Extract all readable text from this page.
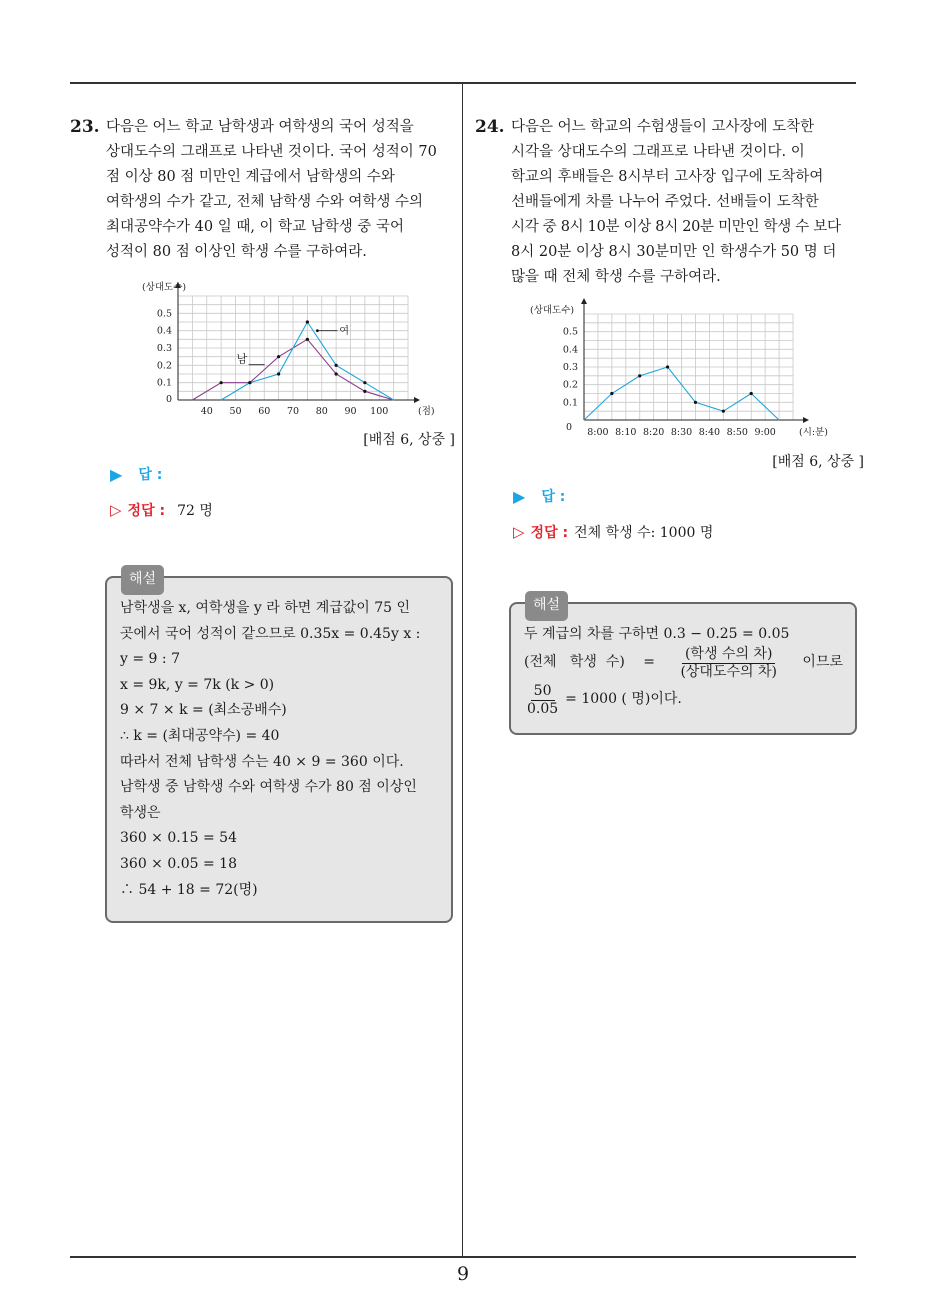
23. 다음은 어느 학교 남학생과 여학생의 국어 성적을
상대도수의 그래프로 나타낸 것이다. 국어 성적이 70
점 이상 80 점 미만인 계급에서 남학생의 수와
여학생의 수가 같고, 전체 남학생 수와 여학생 수의
최대공약수가 40 일 때, 이 학교 남학생 중 국어
성적이 80 점 이상인 학생 수를 구하여라.
(상대도수)
(점)
0
0.1
0.2
0.3
0.4
0.5
40 50 60 70 80 90 100
남
여
[배점 6, 상중 ]
▶ 답 :
▷ 정답 : 72 명
해설
남학생을 x, 여학생을 y 라 하면 계급값이 75 인
곳에서 국어 성적이 같으므로 0.35x = 0.45y x :
y = 9 : 7
x = 9k, y = 7k (k > 0)
9 × 7 × k = (최소공배수)
∴ k = (최대공약수) = 40
따라서 전체 남학생 수는 40 × 9 = 360 이다.
남학생 중 남학생 수와 여학생 수가 80 점 이상인
학생은
360 × 0.15 = 54
360 × 0.05 = 18
∴ 54 + 18 = 72(명)
24. 다음은 어느 학교의 수험생들이 고사장에 도착한
시각을 상대도수의 그래프로 나타낸 것이다. 이
학교의 후배들은 8시부터 고사장 입구에 도착하여
선배들에게 차를 나누어 주었다. 선배들이 도착한
시각 중 8시 10분 이상 8시 20분 미만인 학생 수 보다
8시 20분 이상 8시 30분미만 인 학생수가 50 명 더
많을 때 전체 학생 수를 구하여라.
(상대도수)
(시:분)
0
0.1
0.2
0.3
0.4
0.5
8:00 8:10 8:20 8:30 8:40 8:50 9:00
[배점 6, 상중 ]
▶ 답 :
▷ 정답 : 전체 학생 수: 1000 명
해설
두 계급의 차를 구하면 0.3 − 0.25 = 0.05
(전체   학생  수) = $\frac{\text{(학생 수의 차)}}{\text{(상대도수의 차)}}$ 이므로
$\frac{50}{0.05} = 1000$ ( 명)이다.
9
